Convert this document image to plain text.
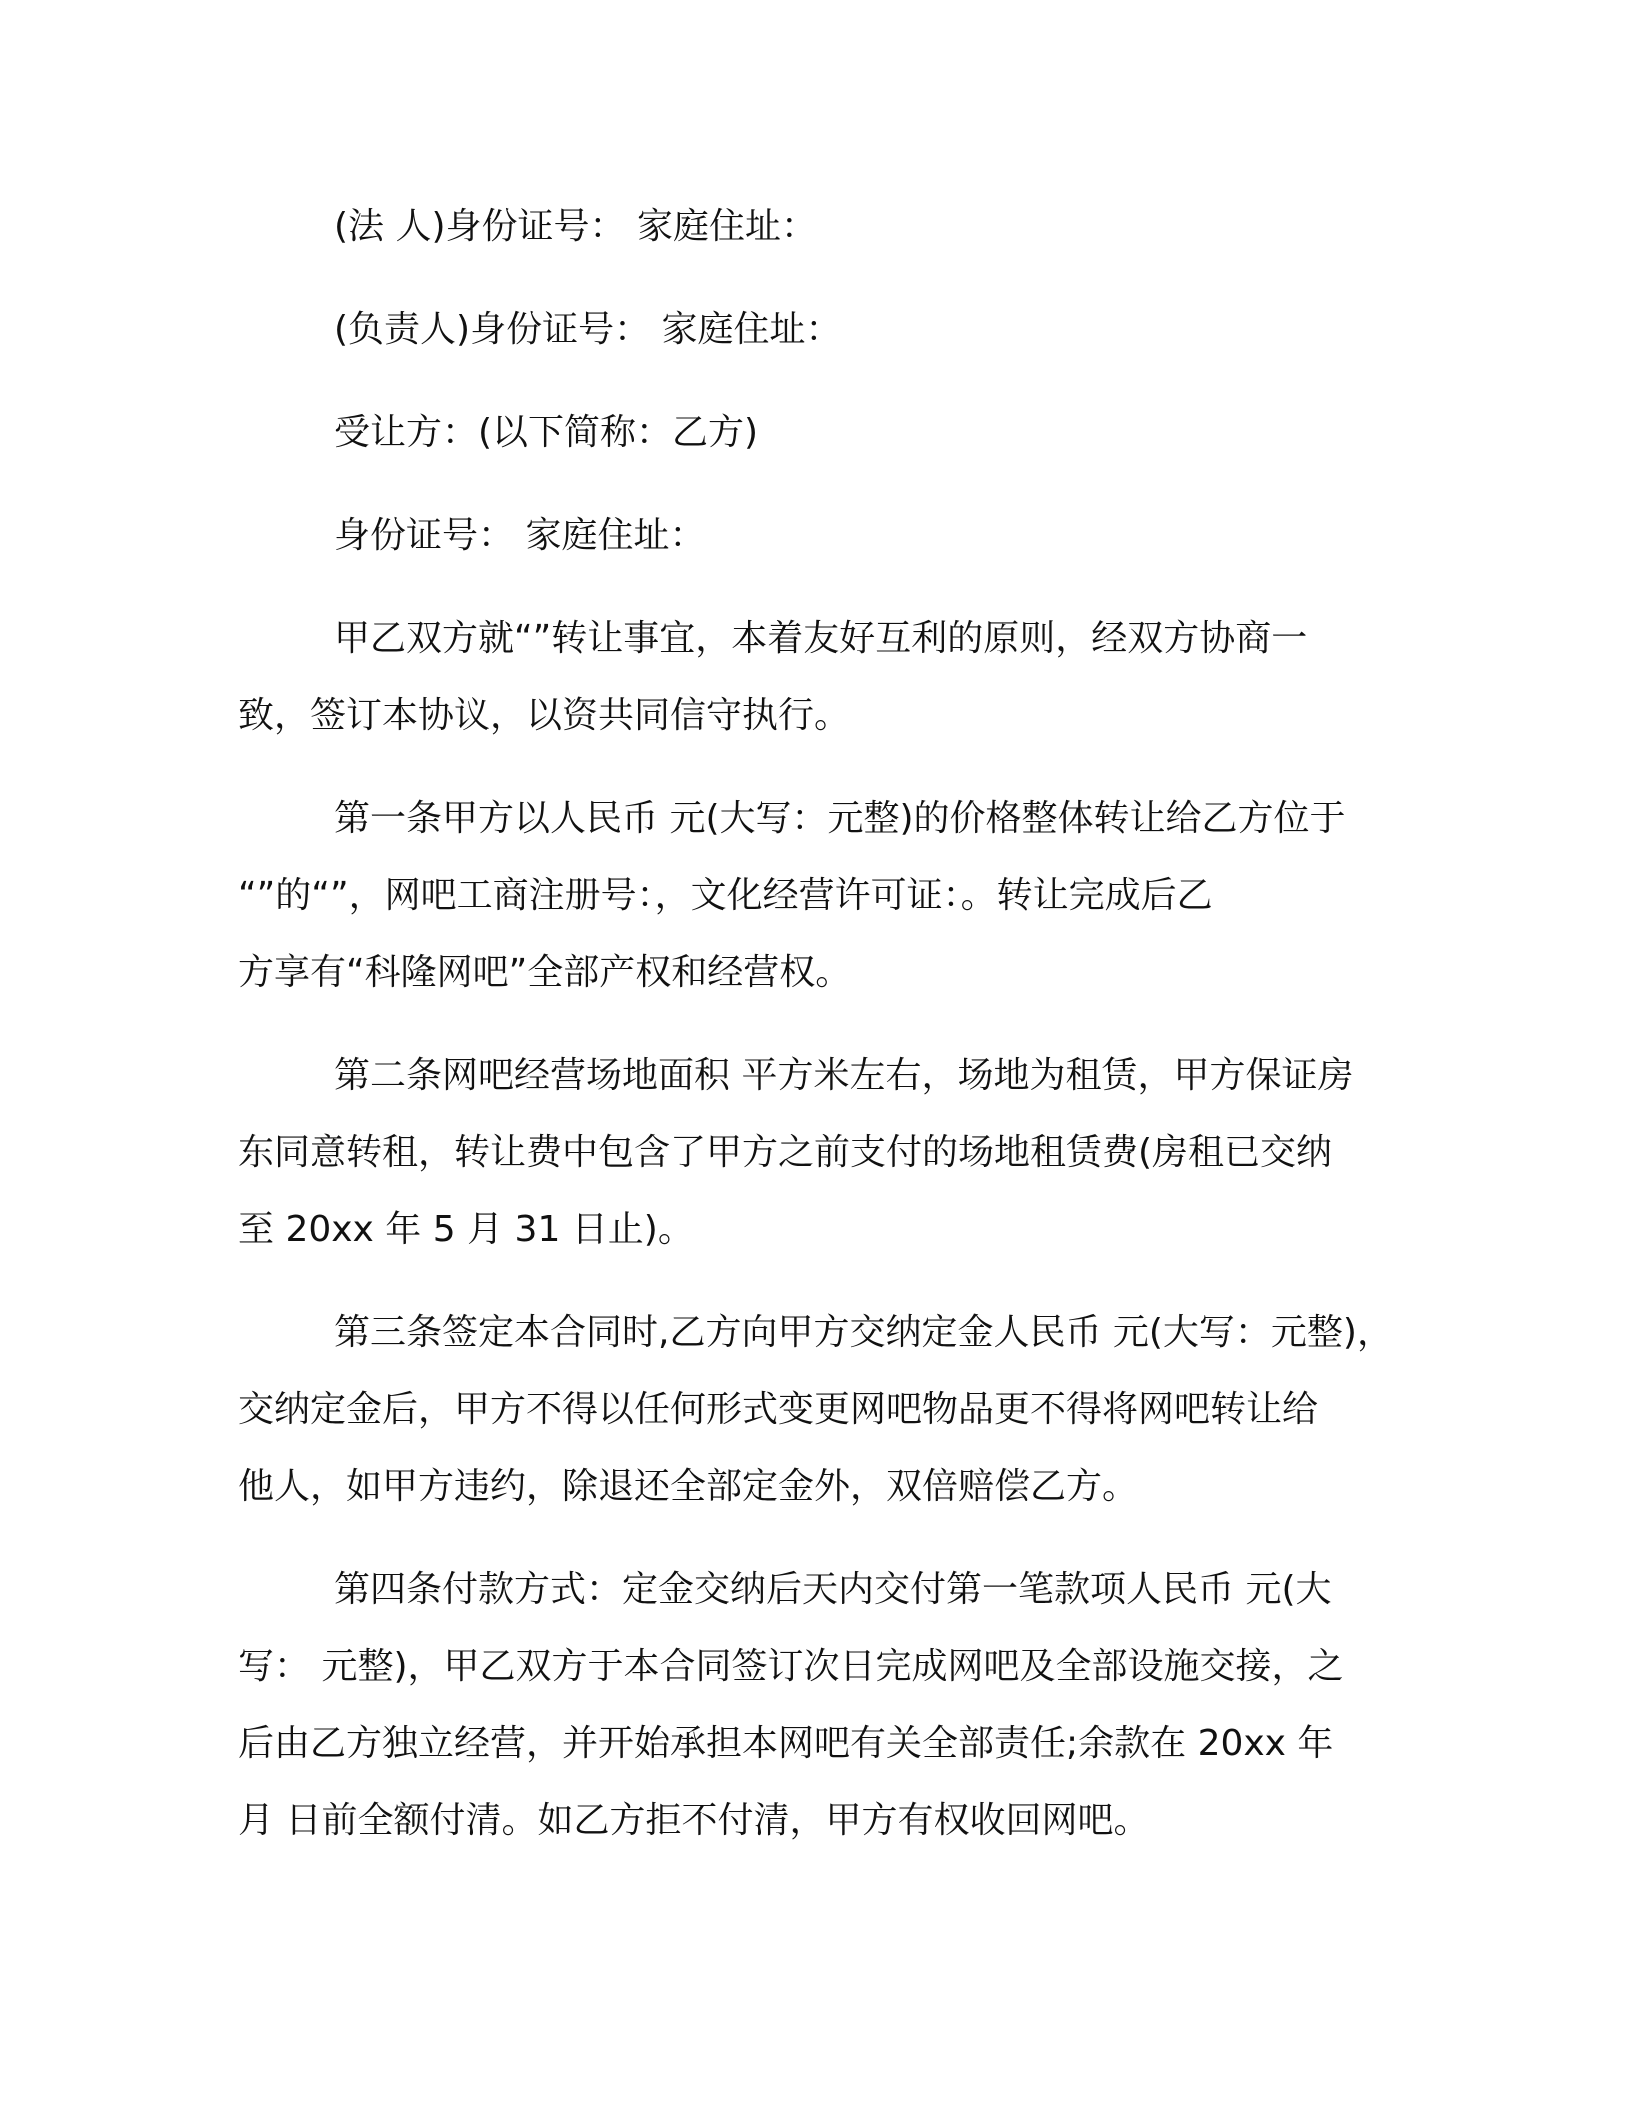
(法 人)身份证号： 家庭住址：

(负责人)身份证号： 家庭住址：

受让方：(以下简称：乙方)

身份证号： 家庭住址：

甲乙双方就“”转让事宜，本着友好互利的原则，经双方协商一
致，签订本协议，以资共同信守执行。

第一条甲方以人民币 元(大写：元整)的价格整体转让给乙方位于
“”的“”，网吧工商注册号：，文化经营许可证：。转让完成后乙
方享有“科隆网吧”全部产权和经营权。

第二条网吧经营场地面积 平方米左右，场地为租赁，甲方保证房
东同意转租，转让费中包含了甲方之前支付的场地租赁费(房租已交纳
至 20xx 年 5 月 31 日止)。

第三条签定本合同时,乙方向甲方交纳定金人民币 元(大写：元整)，
交纳定金后，甲方不得以任何形式变更网吧物品更不得将网吧转让给
他人，如甲方违约，除退还全部定金外，双倍赔偿乙方。

第四条付款方式：定金交纳后天内交付第一笔款项人民币 元(大
写： 元整)，甲乙双方于本合同签订次日完成网吧及全部设施交接，之
后由乙方独立经营，并开始承担本网吧有关全部责任;余款在 20xx 年
月 日前全额付清。如乙方拒不付清，甲方有权收回网吧。
